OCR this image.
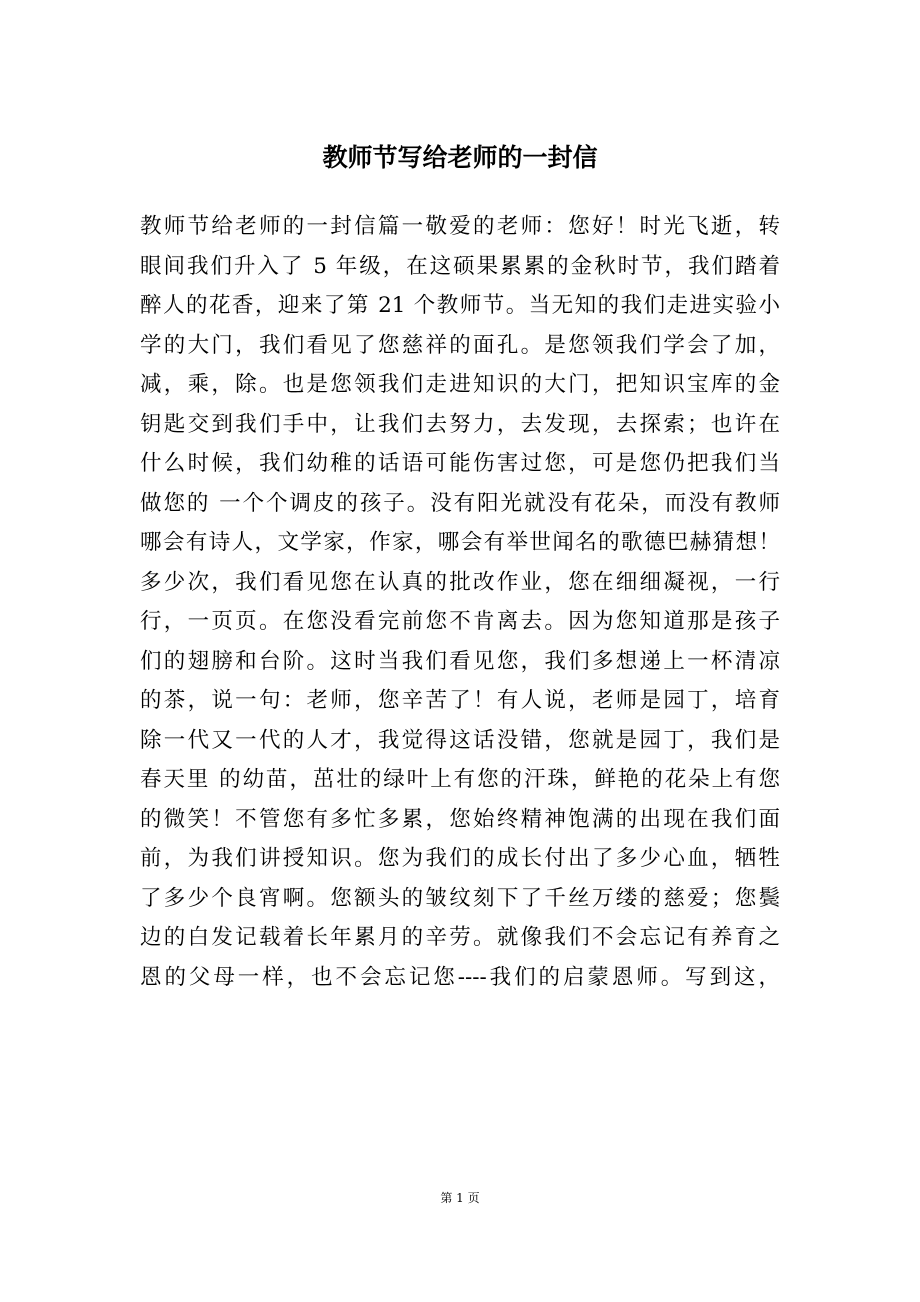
教师节写给老师的一封信
教师节给老师的一封信篇一敬爱的老师：您好！时光飞逝，转
眼间我们升入了 5 年级，在这硕果累累的金秋时节，我们踏着
醉人的花香，迎来了第 21 个教师节。当无知的我们走进实验小
学的大门，我们看见了您慈祥的面孔。是您领我们学会了加，
减，乘，除。也是您领我们走进知识的大门，把知识宝库的金
钥匙交到我们手中，让我们去努力，去发现，去探索；也许在
什么时候，我们幼稚的话语可能伤害过您，可是您仍把我们当
做您的 一个个调皮的孩子。没有阳光就没有花朵，而没有教师
哪会有诗人，文学家，作家，哪会有举世闻名的歌德巴赫猜想！
多少次，我们看见您在认真的批改作业，您在细细凝视，一行
行，一页页。在您没看完前您不肯离去。因为您知道那是孩子
们的翅膀和台阶。这时当我们看见您，我们多想递上一杯清凉
的茶，说一句：老师，您辛苦了！有人说，老师是园丁，培育
除一代又一代的人才，我觉得这话没错，您就是园丁，我们是
春天里 的幼苗，茁壮的绿叶上有您的汗珠，鲜艳的花朵上有您
的微笑！不管您有多忙多累，您始终精神饱满的出现在我们面
前，为我们讲授知识。您为我们的成长付出了多少心血，牺牲
了多少个良宵啊。您额头的皱纹刻下了千丝万缕的慈爱；您鬓
边的白发记载着长年累月的辛劳。就像我们不会忘记有养育之
恩的父母一样，也不会忘记您----我们的启蒙恩师。写到这，
第 1 页
